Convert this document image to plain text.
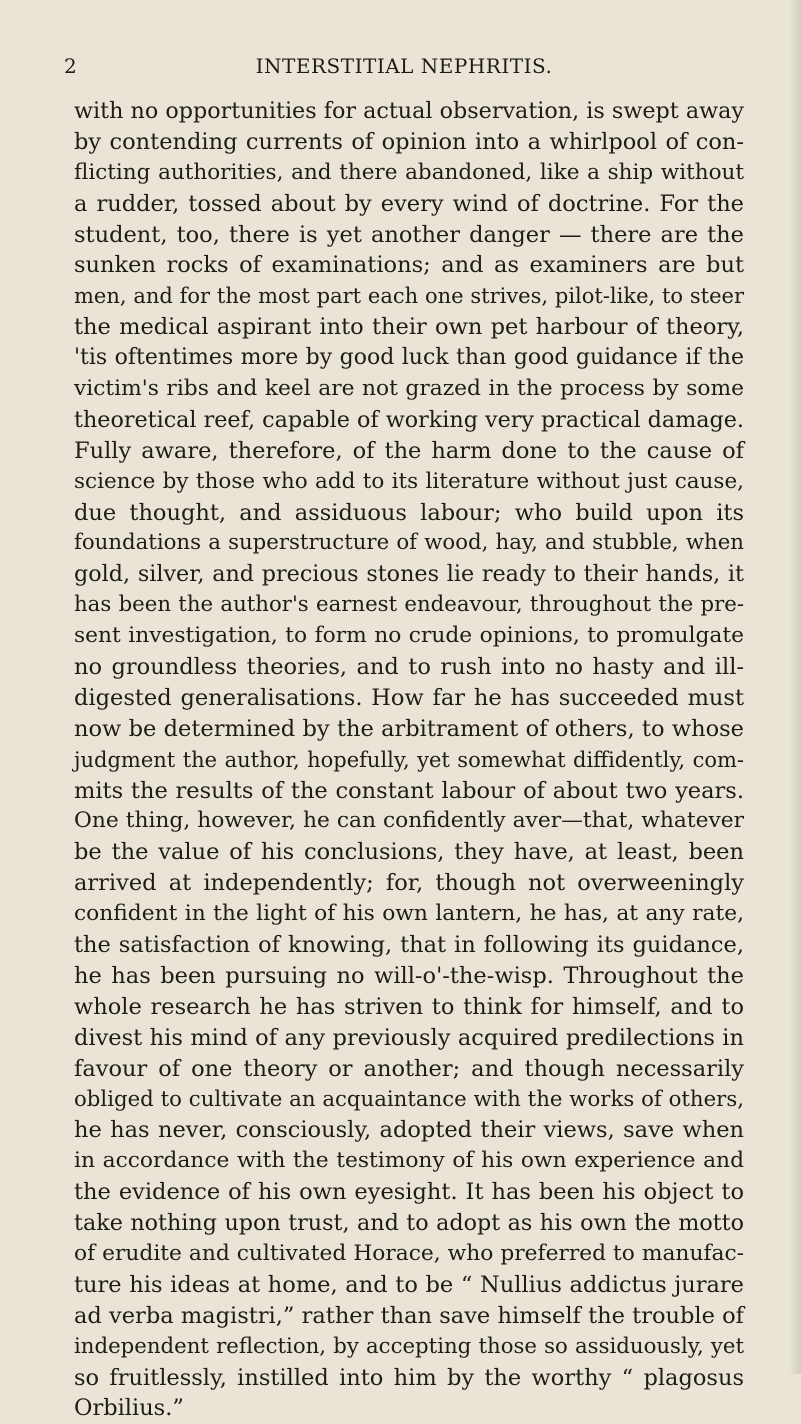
2	INTERSTITIAL NEPHRITIS.
with no opportunities for actual observation, is swept away
by contending currents of opinion into a whirlpool of con-
flicting authorities, and there abandoned, like a ship without
a rudder, tossed about by every wind of doctrine. For the
student, too, there is yet another danger — there are the
sunken rocks of examinations; and as examiners are but
men, and for the most part each one strives, pilot-like, to steer
the medical aspirant into their own pet harbour of theory,
'tis oftentimes more by good luck than good guidance if the
victim's ribs and keel are not grazed in the process by some
theoretical reef, capable of working very practical damage.
Fully aware, therefore, of the harm done to the cause of
science by those who add to its literature without just cause,
due thought, and assiduous labour; who build upon its
foundations a superstructure of wood, hay, and stubble, when
gold, silver, and precious stones lie ready to their hands, it
has been the author's earnest endeavour, throughout the pre-
sent investigation, to form no crude opinions, to promulgate
no groundless theories, and to rush into no hasty and ill-
digested generalisations. How far he has succeeded must
now be determined by the arbitrament of others, to whose
judgment the author, hopefully, yet somewhat diffidently, com-
mits the results of the constant labour of about two years.
One thing, however, he can confidently aver—that, whatever
be the value of his conclusions, they have, at least, been
arrived at independently; for, though not overweeningly
confident in the light of his own lantern, he has, at any rate,
the satisfaction of knowing, that in following its guidance,
he has been pursuing no will-o'-the-wisp. Throughout the
whole research he has striven to think for himself, and to
divest his mind of any previously acquired predilections in
favour of one theory or another; and though necessarily
obliged to cultivate an acquaintance with the works of others,
he has never, consciously, adopted their views, save when
in accordance with the testimony of his own experience and
the evidence of his own eyesight. It has been his object to
take nothing upon trust, and to adopt as his own the motto
of erudite and cultivated Horace, who preferred to manufac-
ture his ideas at home, and to be “ Nullius addictus jurare
ad verba magistri,” rather than save himself the trouble of
independent reflection, by accepting those so assiduously, yet
so fruitlessly, instilled into him by the worthy “ plagosus
Orbilius.”
